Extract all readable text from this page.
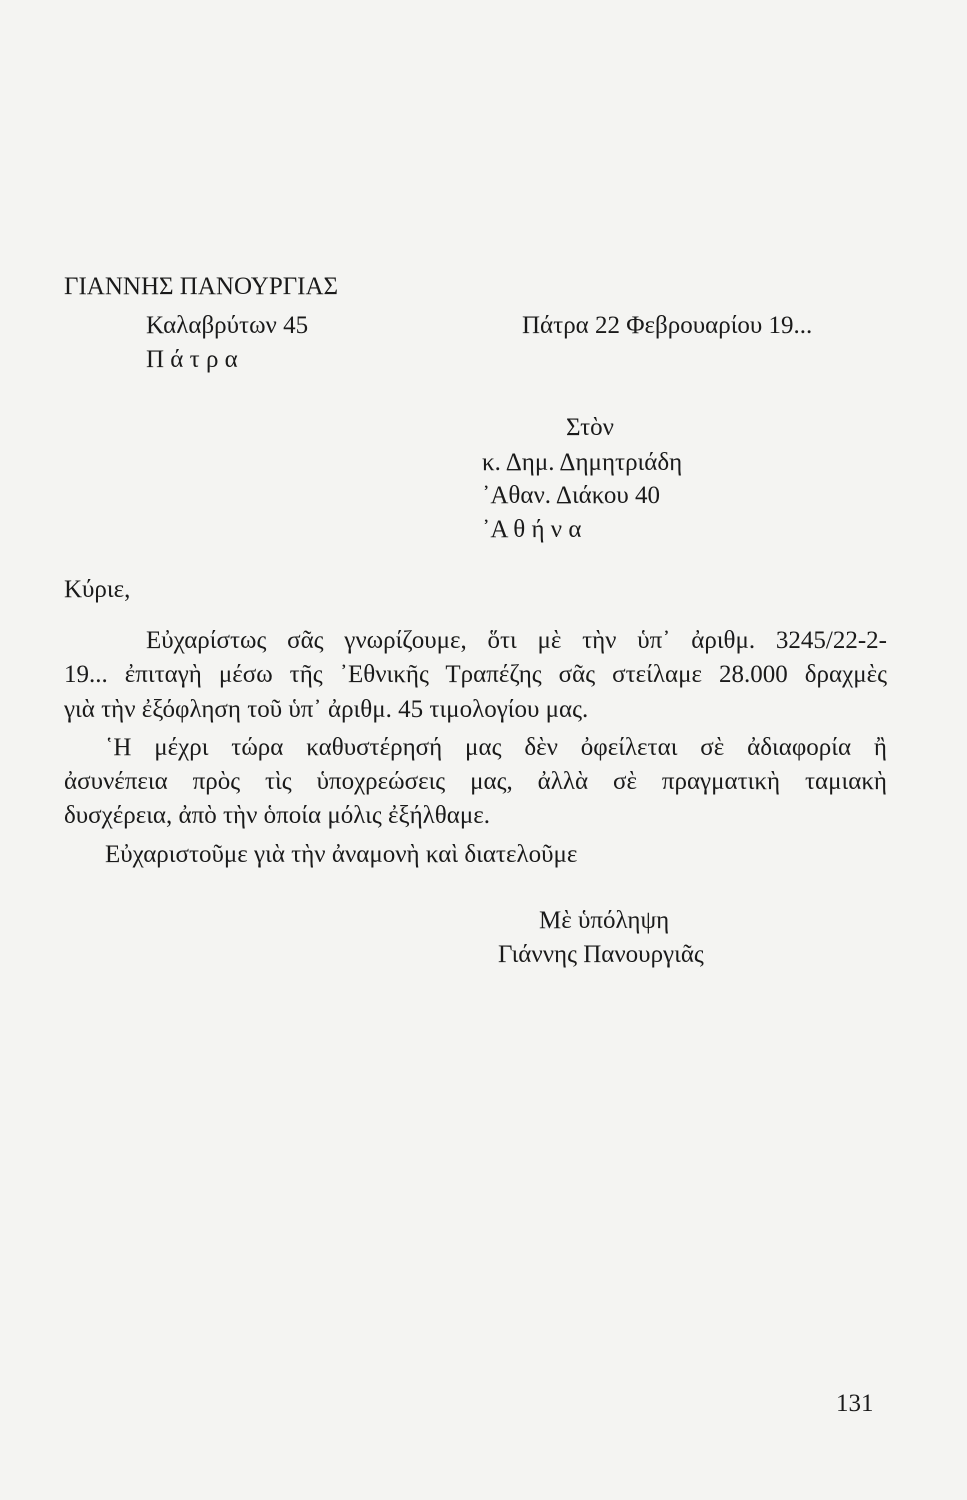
ΓΙΑΝΝΗΣ ΠΑΝΟΥΡΓΙΑΣ
Καλαβρύτων 45
Π ά τ ρ α
Πάτρα 22 Φεβρουαρίου 19...
Στὸν
κ. Δημ. Δημητριάδη
᾿Αθαν. Διάκου 40
᾿Α θ ή ν α
Κύριε,
Εὐχαρίστως σᾶς γνωρίζουμε, ὅτι μὲ τὴν ὑπ᾿ ἀριθμ. 3245/22-2-
19... ἐπιταγὴ μέσω τῆς ᾿Εθνικῆς Τραπέζης σᾶς στείλαμε 28.000 δραχμὲς
γιὰ τὴν ἐξόφληση τοῦ ὑπ᾿ ἀριθμ. 45 τιμολογίου μας.
῾Η μέχρι τώρα καθυστέρησή μας δὲν ὀφείλεται σὲ ἀδιαφορία ἢ
ἀσυνέπεια πρὸς τὶς ὑποχρεώσεις μας, ἀλλὰ σὲ πραγματικὴ ταμιακὴ
δυσχέρεια, ἀπὸ τὴν ὁποία μόλις ἐξήλθαμε.
Εὐχαριστοῦμε γιὰ τὴν ἀναμονὴ καὶ διατελοῦμε
Μὲ ὑπόληψη
Γιάννης Πανουργιᾶς
131
